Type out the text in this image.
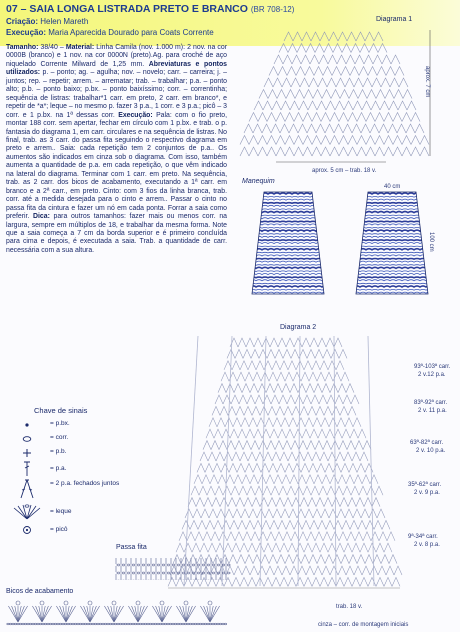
07 – SAIA LONGA LISTRADA PRETO E BRANCO (BR 708-12)
Criação: Helen Mareth
Execução: Maria Aparecida Dourado para Coats Corrente

Tamanho: 38/40 – Material: Linha Camila (nov. 1.000 m): 2 nov. na cor 0000B (branco) e 1 nov. na cor 0000N (preto).Ag. para croché de aço niquelado Corrente Milward de 1,25 mm. Abreviaturas e pontos utilizados: p. – ponto; ag. – agulha; nov. – novelo; carr. – carreira; j. – juntos; rep. – repetir; arrem. – arrematar; trab. – trabalhar; p.a. – ponto alto; p.b. – ponto baixo; p.bx. – ponto baixíssimo; corr. – correntinha; sequência de listras: trabalhar*1 carr. em preto, 2 carr. em branco*, e repetir de *a*; leque – no mesmo p. fazer 3 p.a., 1 corr. e 3 p.a.; picô – 3 corr. e 1 p.bx. na 1ª dessas corr. Execução: Pala: com o fio preto, montar 188 corr. sem apertar, fechar em círculo com 1 p.bx. e trab. o p. fantasia do diagrama 1, em carr. circulares e na sequência de listras. No final, trab. as 3 carr. do passa fita seguindo o respectivo diagrama em preto e arrem.. Saia: cada repetição tem 2 conjuntos de p.a.. Os aumentos são indicados em cinza sob o diagrama. Com isso, também aumenta a quantidade de p.a. em cada repetição, o que vêm indicado na lateral do diagrama. Terminar com 1 carr. em preto. Na sequência, trab. as 2 carr. dos bicos de acabamento, executando a 1ª carr. em branco e a 2ª carr., em preto. Cinto: com 3 fios da linha branca, trab. corr. até a medida desejada para o cinto e arrem.. Passar o cinto no passa fita da cintura e fazer um nó em cada ponta. Forrar a saia como preferir. Dica: para outros tamanhos: fazer mais ou menos corr. na largura, sempre em múltiplos de 18, e trabalhar da mesma forma. Note que a saia começa a 7 cm da borda superior e é primeiro concluída para cima e depois, é executada a saia. Trab. a quantidade de carr. necessária com a sua altura.

Diagrama 1
aprox. 7 cm
aprox. 5 cm – trab. 18 v.
Manequim
40 cm
100 cm
Diagrama 2
93ª-103ª carr.
2 v.12 p.a.
83ª-92ª carr.
2 v. 11 p.a.
63ª-82ª carr.
2 v. 10 p.a.
35ª-62ª carr.
2 v. 9 p.a.
9ª-34ª carr.
2 v. 8 p.a.
trab. 18 v.
cinza – corr. de montagem iniciais
Chave de sinais
= p.bx.
= corr.
= p.b.
= p.a.
= 2 p.a. fechados juntos
= leque
= picô
Passa fita
Bicos de acabamento
